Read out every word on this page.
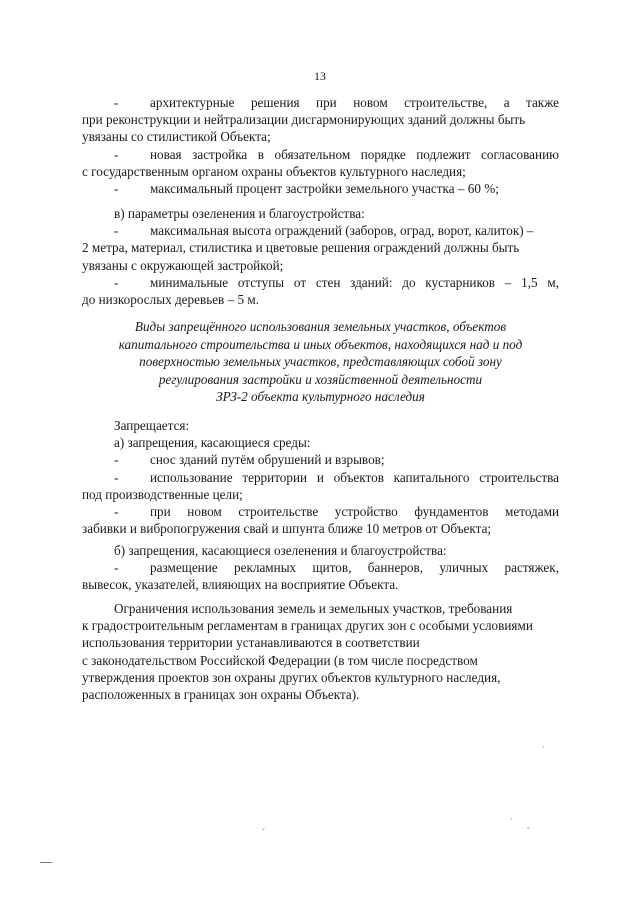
13
-	архитектурные решения при новом строительстве, а также
при реконструкции и нейтрализации дисгармонирующих зданий должны быть
увязаны со стилистикой Объекта;
-	новая застройка в обязательном порядке подлежит согласованию
с государственным органом охраны объектов культурного наследия;
-	максимальный процент застройки земельного участка – 60 %;
в) параметры озеленения и благоустройства:
-	максимальная высота ограждений (заборов, оград, ворот, калиток) –
2 метра, материал, стилистика и цветовые решения ограждений должны быть
увязаны с окружающей застройкой;
-	минимальные отступы от стен зданий: до кустарников – 1,5 м,
до низкорослых деревьев – 5 м.
Виды запрещённого использования земельных участков, объектов
капитального строительства и иных объектов, находящихся над и под
поверхностью земельных участков, представляющих собой зону
регулирования застройки и хозяйственной деятельности
ЗРЗ-2 объекта культурного наследия
Запрещается:
а) запрещения, касающиеся среды:
-	снос зданий путём обрушений и взрывов;
-	использование территории и объектов капитального строительства
под производственные цели;
-	при новом строительстве устройство фундаментов методами
забивки и вибропогружения свай и шпунта ближе 10 метров от Объекта;
б) запрещения, касающиеся озеленения и благоустройства:
-	размещение рекламных щитов, баннеров, уличных растяжек,
вывесок, указателей, влияющих на восприятие Объекта.
Ограничения использования земель и земельных участков, требования
к градостроительным регламентам в границах других зон с особыми условиями
использования территории устанавливаются в соответствии
с законодательством Российской Федерации (в том числе посредством
утверждения проектов зон охраны других объектов культурного наследия,
расположенных в границах зон охраны Объекта).
·
˘	˘
·
